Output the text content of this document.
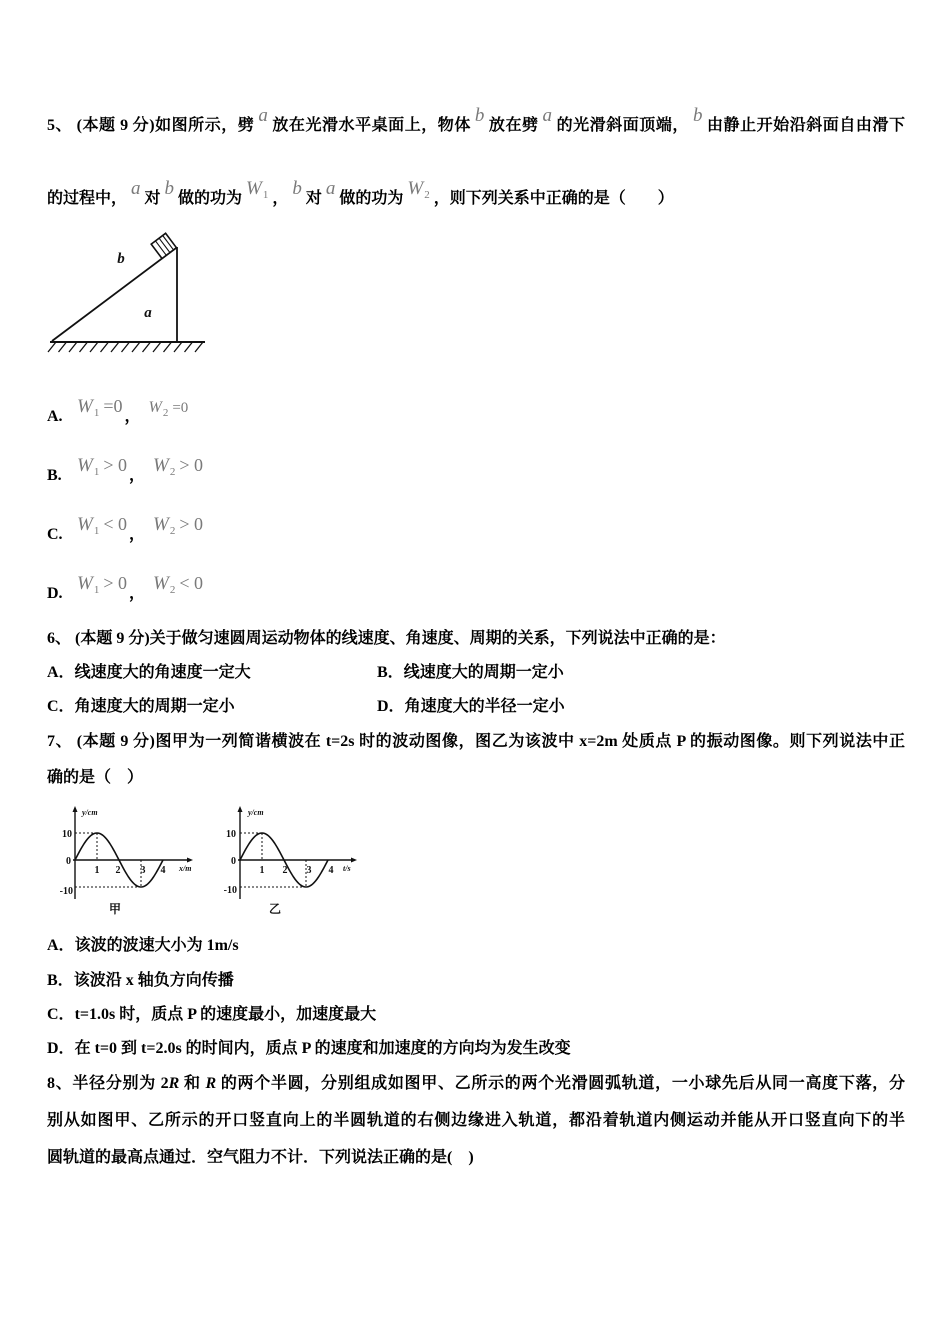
5、 (本题 9 分)如图所示，劈 a 放在光滑水平桌面上，物体 b 放在劈 a 的光滑斜面顶端， b 由静止开始沿斜面自由滑下
的过程中， a 对 b 做的功为 $W_1$ ， b 对 a 做的功为 $W_2$ ，则下列关系中正确的是（　　）
b
a
A. $W_1 =0$，$W_2 =0$
B. $W_1 > 0$， $W_2 > 0$
C. $W_1 < 0$， $W_2 > 0$
D. $W_1 > 0$， $W_2 < 0$
6、 (本题 9 分)关于做匀速圆周运动物体的线速度、角速度、周期的关系，下列说法中正确的是：
A．线速度大的角速度一定大	B．线速度大的周期一定小
C．角速度大的周期一定小	D．角速度大的半径一定小
7、 (本题 9 分)图甲为一列简谐横波在 t=2s 时的波动图像，图乙为该波中 x=2m 处质点 P 的振动图像。则下列说法中正
确的是（　）
y/cm
x/m
10
0
-10
1 2 3 4
甲
y/cm
t/s
10
0
-10
1 2 3 4
乙
A．该波的波速大小为 1m/s
B．该波沿 x 轴负方向传播
C．t=1.0s 时，质点 P 的速度最小，加速度最大
D．在 t=0 到 t=2.0s 的时间内，质点 P 的速度和加速度的方向均为发生改变
8、半径分别为 2R 和 R 的两个半圆，分别组成如图甲、乙所示的两个光滑圆弧轨道，一小球先后从同一高度下落，分
别从如图甲、乙所示的开口竖直向上的半圆轨道的右侧边缘进入轨道，都沿着轨道内侧运动并能从开口竖直向下的半
圆轨道的最高点通过．空气阻力不计．下列说法正确的是(　)
